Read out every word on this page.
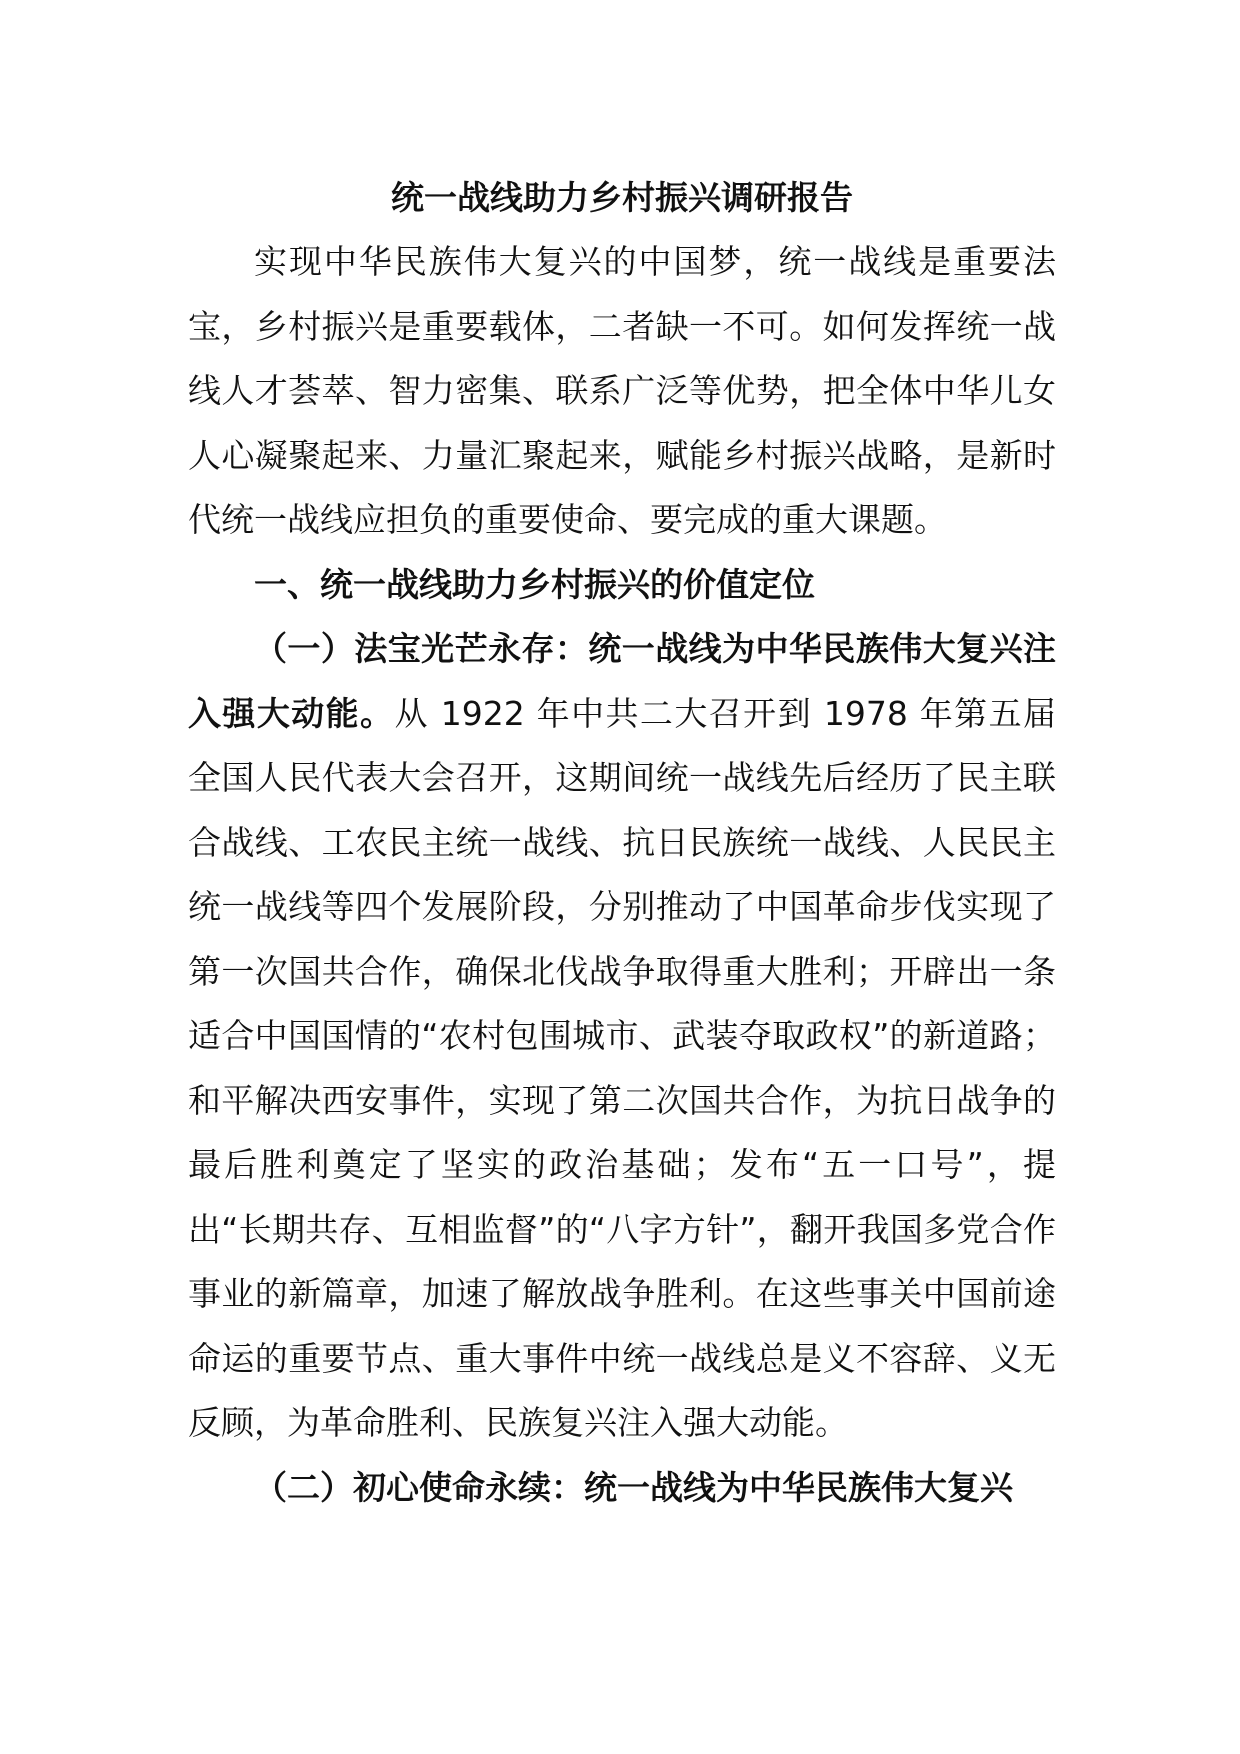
统一战线助力乡村振兴调研报告

实现中华民族伟大复兴的中国梦，统一战线是重要法宝，乡村振兴是重要载体，二者缺一不可。如何发挥统一战线人才荟萃、智力密集、联系广泛等优势，把全体中华儿女人心凝聚起来、力量汇聚起来，赋能乡村振兴战略，是新时代统一战线应担负的重要使命、要完成的重大课题。

一、统一战线助力乡村振兴的价值定位

（一）法宝光芒永存：统一战线为中华民族伟大复兴注入强大动能。从 1922 年中共二大召开到 1978 年第五届全国人民代表大会召开，这期间统一战线先后经历了民主联合战线、工农民主统一战线、抗日民族统一战线、人民民主统一战线等四个发展阶段，分别推动了中国革命步伐实现了第一次国共合作，确保北伐战争取得重大胜利；开辟出一条适合中国国情的“农村包围城市、武装夺取政权”的新道路；和平解决西安事件，实现了第二次国共合作，为抗日战争的最后胜利奠定了坚实的政治基础；发布“五一口号”，提出“长期共存、互相监督”的“八字方针”，翻开我国多党合作事业的新篇章，加速了解放战争胜利。在这些事关中国前途命运的重要节点、重大事件中统一战线总是义不容辞、义无反顾，为革命胜利、民族复兴注入强大动能。

（二）初心使命永续：统一战线为中华民族伟大复兴
